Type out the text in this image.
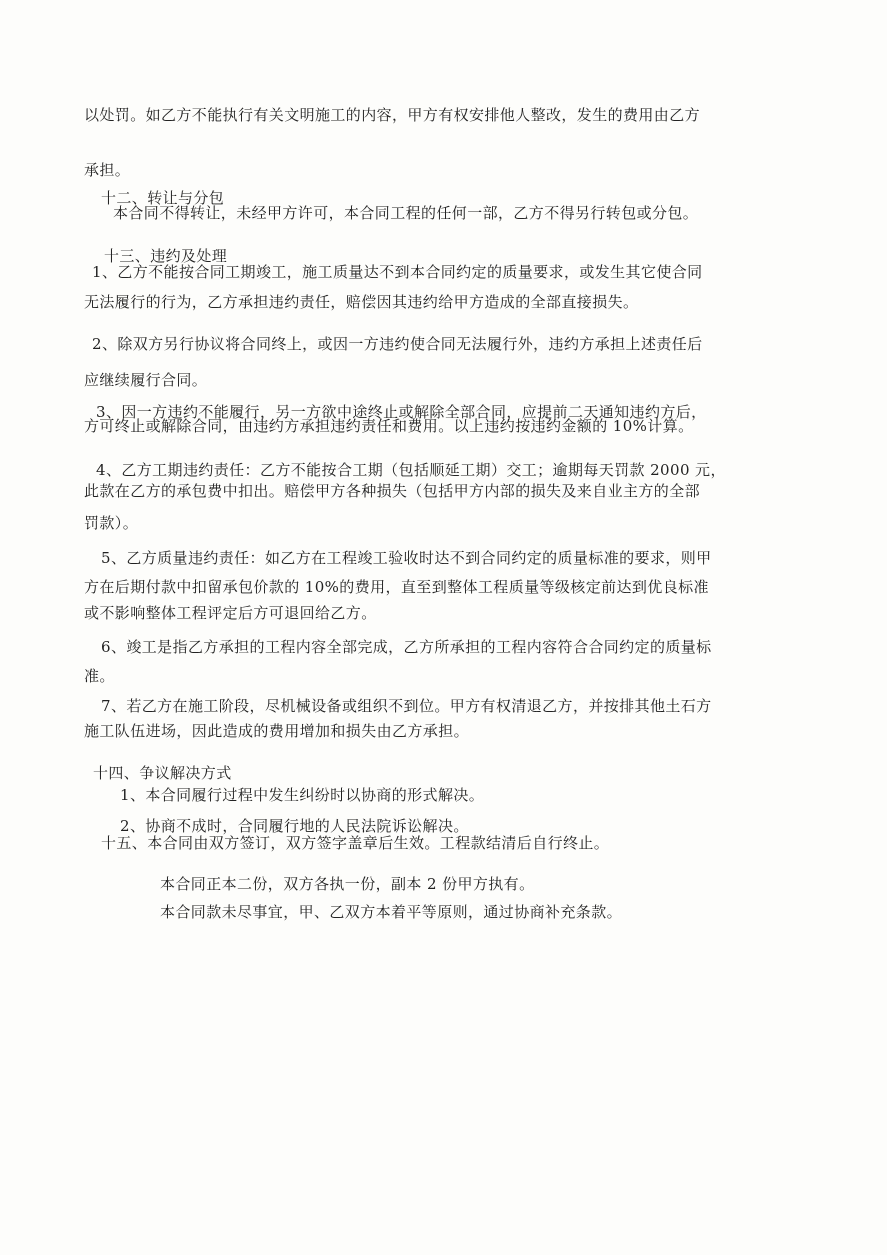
以处罚。如乙方不能执行有关文明施工的内容，甲方有权安排他人整改，发生的费用由乙方

承担。

十二、转让与分包

本合同不得转让，未经甲方许可，本合同工程的任何一部，乙方不得另行转包或分包。

十三、违约及处理

1、乙方不能按合同工期竣工，施工质量达不到本合同约定的质量要求，或发生其它使合同

无法履行的行为，乙方承担违约责任，赔偿因其违约给甲方造成的全部直接损失。

2、除双方另行协议将合同终上，或因一方违约使合同无法履行外，违约方承担上述责任后

应继续履行合同。

3、因一方违约不能履行，另一方欲中途终止或解除全部合同，应提前二天通知违约方后，

方可终止或解除合同，由违约方承担违约责任和费用。以上违约按违约金额的 10%计算。

4、乙方工期违约责任：乙方不能按合工期（包括顺延工期）交工；逾期每天罚款 2000 元，

此款在乙方的承包费中扣出。赔偿甲方各种损失（包括甲方内部的损失及来自业主方的全部

罚款）。

5、乙方质量违约责任：如乙方在工程竣工验收时达不到合同约定的质量标准的要求，则甲

方在后期付款中扣留承包价款的 10%的费用，直至到整体工程质量等级核定前达到优良标准

或不影响整体工程评定后方可退回给乙方。

6、竣工是指乙方承担的工程内容全部完成，乙方所承担的工程内容符合合同约定的质量标

准。

7、若乙方在施工阶段，尽机械设备或组织不到位。甲方有权清退乙方，并按排其他土石方

施工队伍进场，因此造成的费用增加和损失由乙方承担。

十四、争议解决方式

1、本合同履行过程中发生纠纷时以协商的形式解决。

2、协商不成时，合同履行地的人民法院诉讼解决。

十五、本合同由双方签订，双方签字盖章后生效。工程款结清后自行终止。

本合同正本二份，双方各执一份，副本 2 份甲方执有。

本合同款未尽事宜，甲、乙双方本着平等原则，通过协商补充条款。
